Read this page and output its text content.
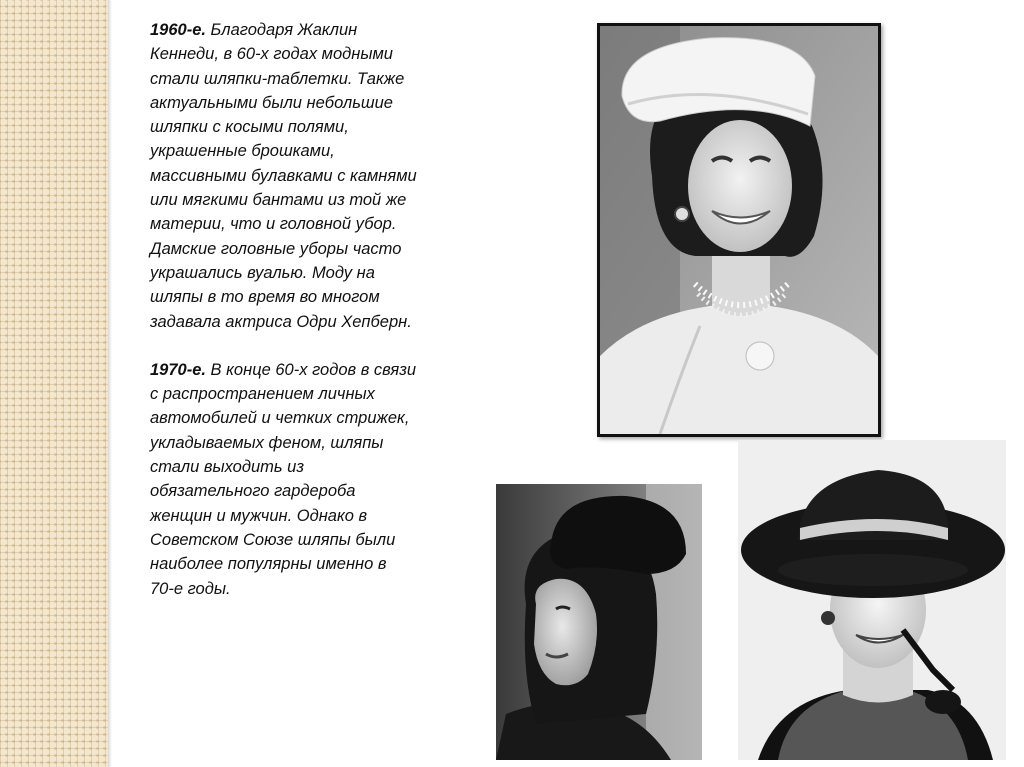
1960-е. Благодаря Жаклин
Кеннеди, в 60-х годах модными
стали шляпки-таблетки. Также
актуальными были небольшие
шляпки с косыми полями,
украшенные брошками,
массивными булавками с камнями
или мягкими бантами из той же
материи, что и головной убор.
Дамские головные уборы часто
украшались вуалью. Моду на
шляпы в то время во многом
задавала актриса Одри Хепберн.

1970-е. В конце 60-х годов в связи
с распространением личных
автомобилей и четких стрижек,
укладываемых феном, шляпы
стали выходить из
обязательного гардероба
женщин и мужчин. Однако в
Советском Союзе шляпы были
наиболее популярны именно в
70-е годы.
